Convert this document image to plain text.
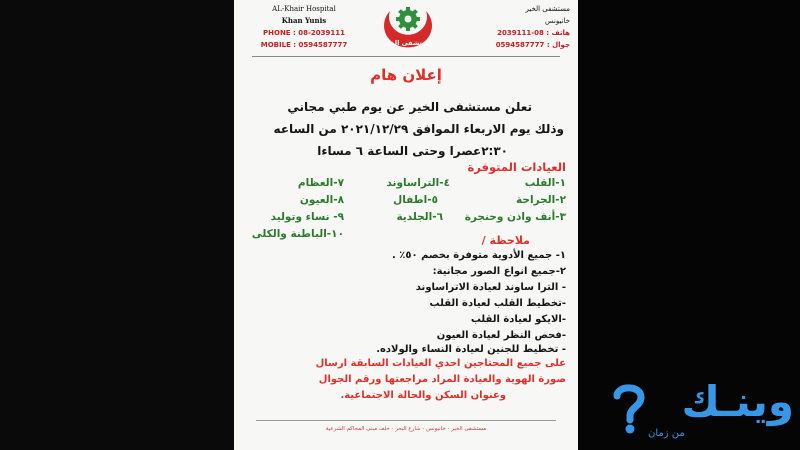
AL-Khair Hospital
Khan Yunis
PHONE : 08-2039111
MOBILE : 0594587777	مستشفى الخير
مستشفى الخير
خانيونس
هاتف : 08-2039111
جوال : 0594587777
إعلان هام
تعلن مستشفى الخير عن يوم طبي مجاني
وذلك يوم الاربعاء الموافق ٢٠٢١/١٢/٢٩ من الساعه
٢:٣٠عصرا وحتى الساعة ٦ مساءا
العيادات المتوفرة
١-القلب
٢-الجراحة
٣-أنف واذن وحنجرة
٤-التراساوند
٥-اطفال
٦-الجلدية
٧-العظام
٨-العيون
٩- نساء وتوليد
١٠-الباطنة والكلى	ملاحظة /
١- جميع الأدوية متوفرة بخصم ٥٠٪ .
٢-جميع انواع الصور مجانية:
- الترا ساوند لعيادة الاتراساوند
-تخطيط القلب لعيادة القلب
-الايكو لعيادة القلب
-فحص النظر لعيادة العيون
- تخطيط للجنين لعيادة النساء والولاده.
على جميع المحتاجين احدي العيادات السابقة ارسال
صورة الهوية والعيادة المراد مراجعتها ورقم الجوال
وعنوان السكن والحالة الاجتماعية.
مستشفى الخير - خانيونس - شارع البحر - خلف مبنى المحاكم الشرعية
وينـك
من زمان
